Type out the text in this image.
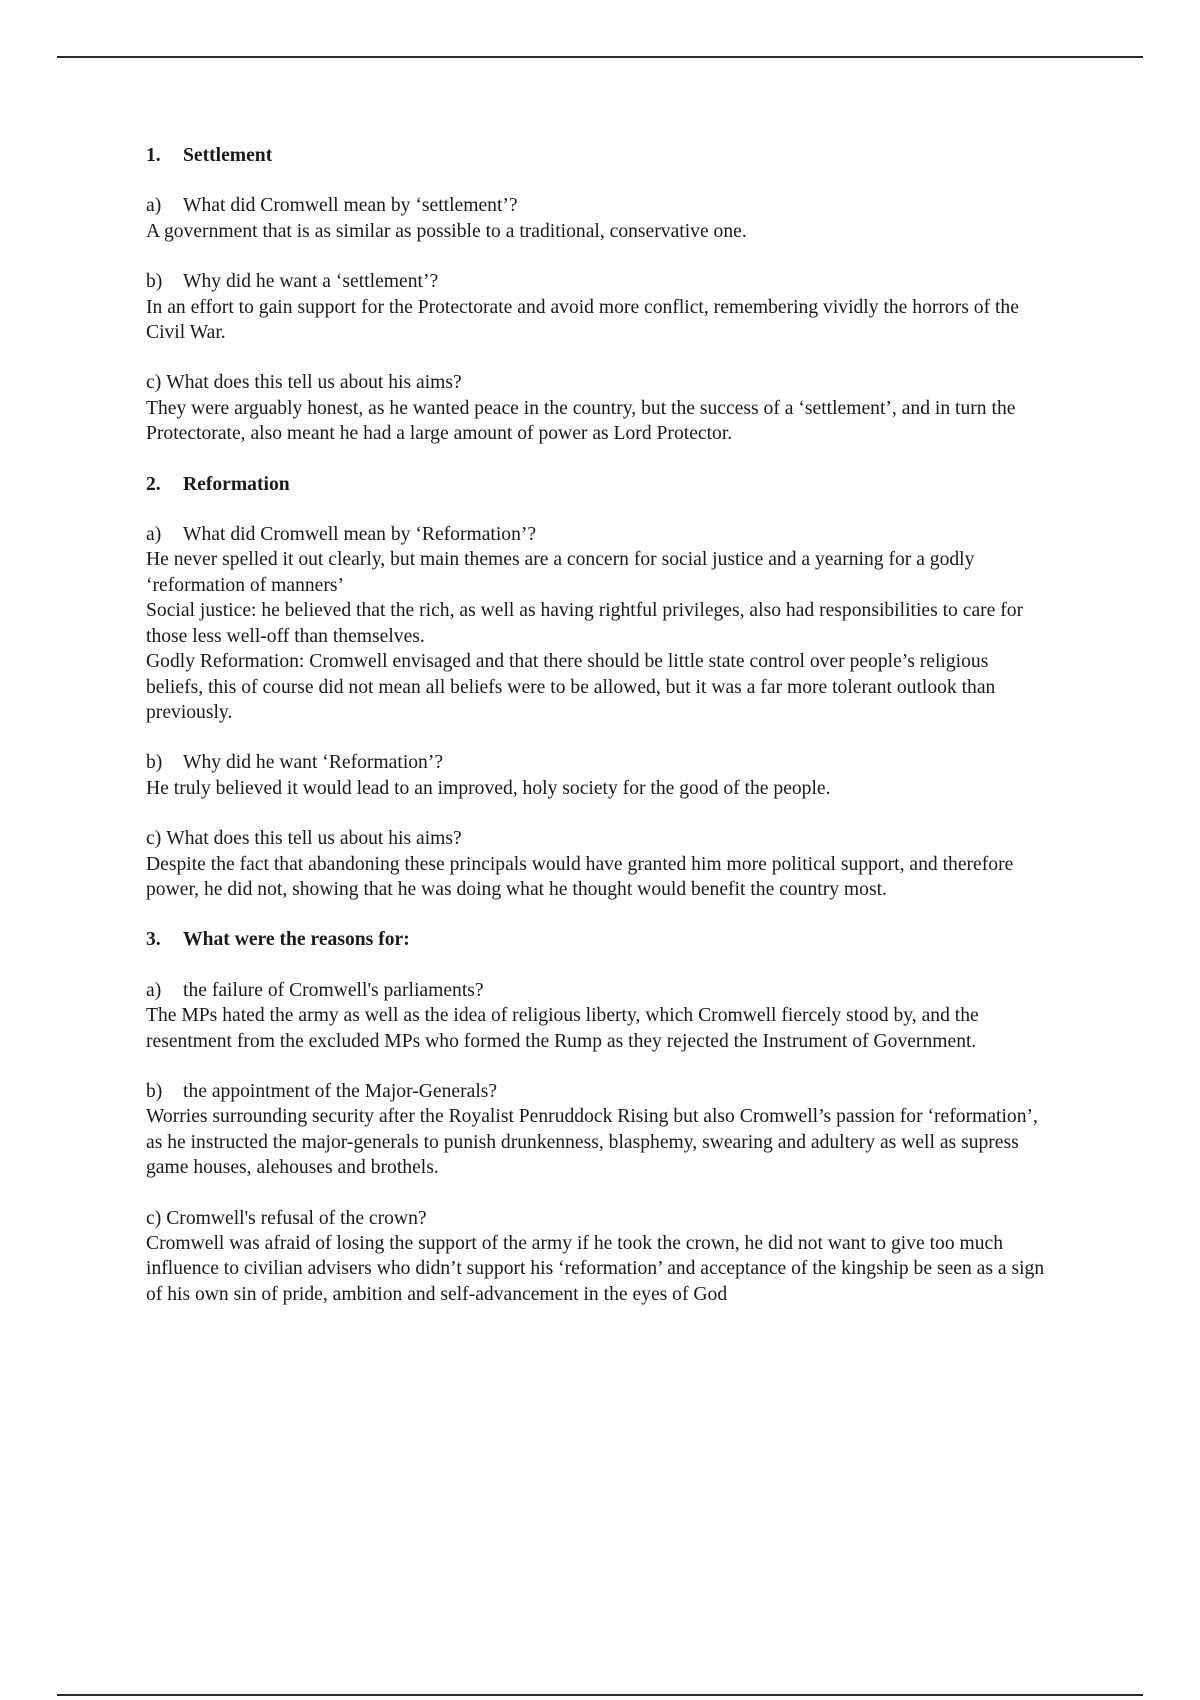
1.	Settlement
a)	What did Cromwell mean by ‘settlement’?

A government that is as similar as possible to a traditional, conservative one.

b)	Why did he want a ‘settlement’?

In an effort to gain support for the Protectorate and avoid more conflict, remembering vividly the horrors of the Civil War.

c) What does this tell us about his aims?

They were arguably honest, as he wanted peace in the country, but the success of a ‘settlement’, and in turn the Protectorate, also meant he had a large amount of power as Lord Protector.

2.	Reformation
a)	What did Cromwell mean by ‘Reformation’?

He never spelled it out clearly, but main themes are a concern for social justice and a yearning for a godly ‘reformation of manners’

Social justice: he believed that the rich, as well as having rightful privileges, also had responsibilities to care for those less well-off than themselves.

Godly Reformation: Cromwell envisaged and that there should be little state control over people’s religious beliefs, this of course did not mean all beliefs were to be allowed, but it was a far more tolerant outlook than previously.

b)	Why did he want ‘Reformation’?

He truly believed it would lead to an improved, holy society for the good of the people.

c) What does this tell us about his aims?

Despite the fact that abandoning these principals would have granted him more political support, and therefore power, he did not, showing that he was doing what he thought would benefit the country most.

3.	What were the reasons for:
a)	the failure of Cromwell's parliaments?

The MPs hated the army as well as the idea of religious liberty, which Cromwell fiercely stood by, and the resentment from the excluded MPs who formed the Rump as they rejected the Instrument of Government.

b)	the appointment of the Major-Generals?

Worries surrounding security after the Royalist Penruddock Rising but also Cromwell’s passion for ‘reformation’, as he instructed the major-generals to punish drunkenness, blasphemy, swearing and adultery as well as supress game houses, alehouses and brothels.

c) Cromwell's refusal of the crown?

Cromwell was afraid of losing the support of the army if he took the crown, he did not want to give too much influence to civilian advisers who didn’t support his ‘reformation’ and acceptance of the kingship be seen as a sign of his own sin of pride, ambition and self-advancement in the eyes of God
